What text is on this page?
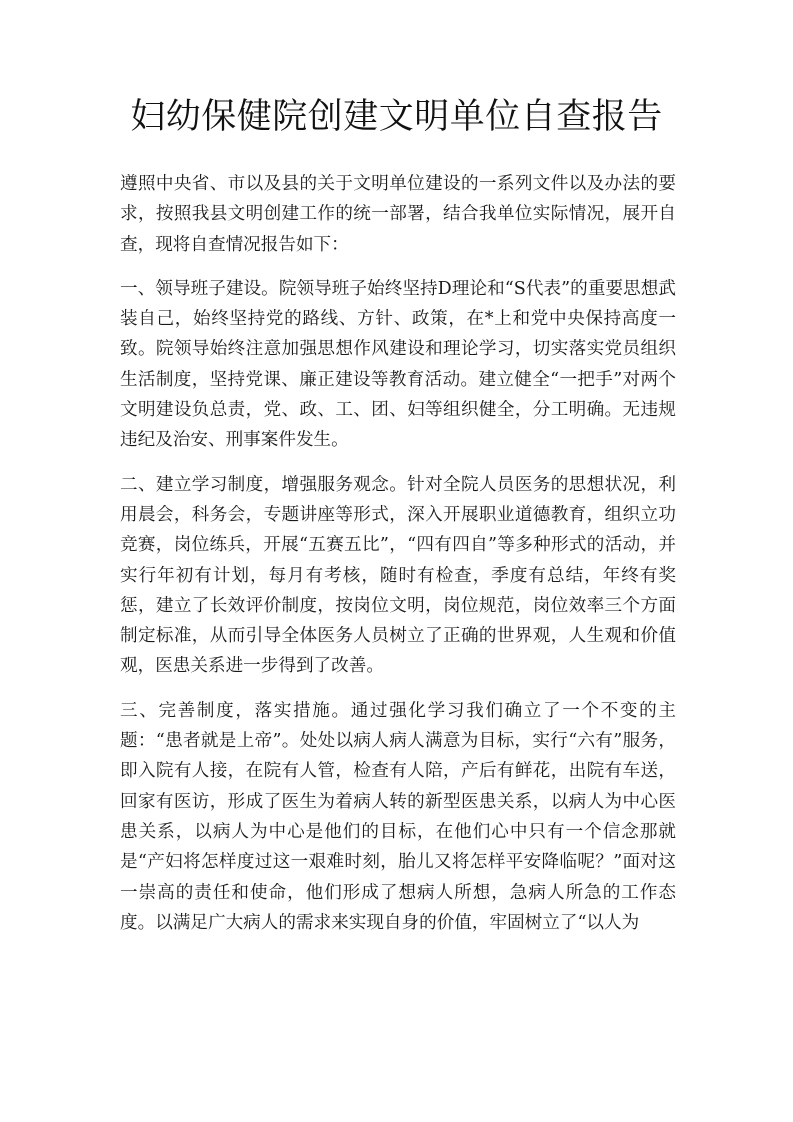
妇幼保健院创建文明单位自查报告

遵照中央省、市以及县的关于文明单位建设的一系列文件以及办法的要求，按照我县文明创建工作的统一部署，结合我单位实际情况，展开自查，现将自查情况报告如下：

一、领导班子建设。院领导班子始终坚持D理论和“S代表”的重要思想武装自己，始终坚持党的路线、方针、政策，在*上和党中央保持高度一致。院领导始终注意加强思想作风建设和理论学习，切实落实党员组织生活制度，坚持党课、廉正建设等教育活动。建立健全“一把手”对两个文明建设负总责，党、政、工、团、妇等组织健全，分工明确。无违规违纪及治安、刑事案件发生。

二、建立学习制度，增强服务观念。针对全院人员医务的思想状况，利用晨会，科务会，专题讲座等形式，深入开展职业道德教育，组织立功竞赛，岗位练兵，开展“五赛五比”，“四有四自”等多种形式的活动，并实行年初有计划，每月有考核，随时有检查，季度有总结，年终有奖惩，建立了长效评价制度，按岗位文明，岗位规范，岗位效率三个方面制定标准，从而引导全体医务人员树立了正确的世界观，人生观和价值观，医患关系进一步得到了改善。

三、完善制度，落实措施。通过强化学习我们确立了一个不变的主题：“患者就是上帝”。处处以病人病人满意为目标，实行“六有”服务，即入院有人接，在院有人管，检查有人陪，产后有鲜花，出院有车送，回家有医访，形成了医生为着病人转的新型医患关系，以病人为中心医患关系，以病人为中心是他们的目标，在他们心中只有一个信念那就是“产妇将怎样度过这一艰难时刻，胎儿又将怎样平安降临呢？”面对这一崇高的责任和使命，他们形成了想病人所想，急病人所急的工作态度。以满足广大病人的需求来实现自身的价值，牢固树立了“以人为
